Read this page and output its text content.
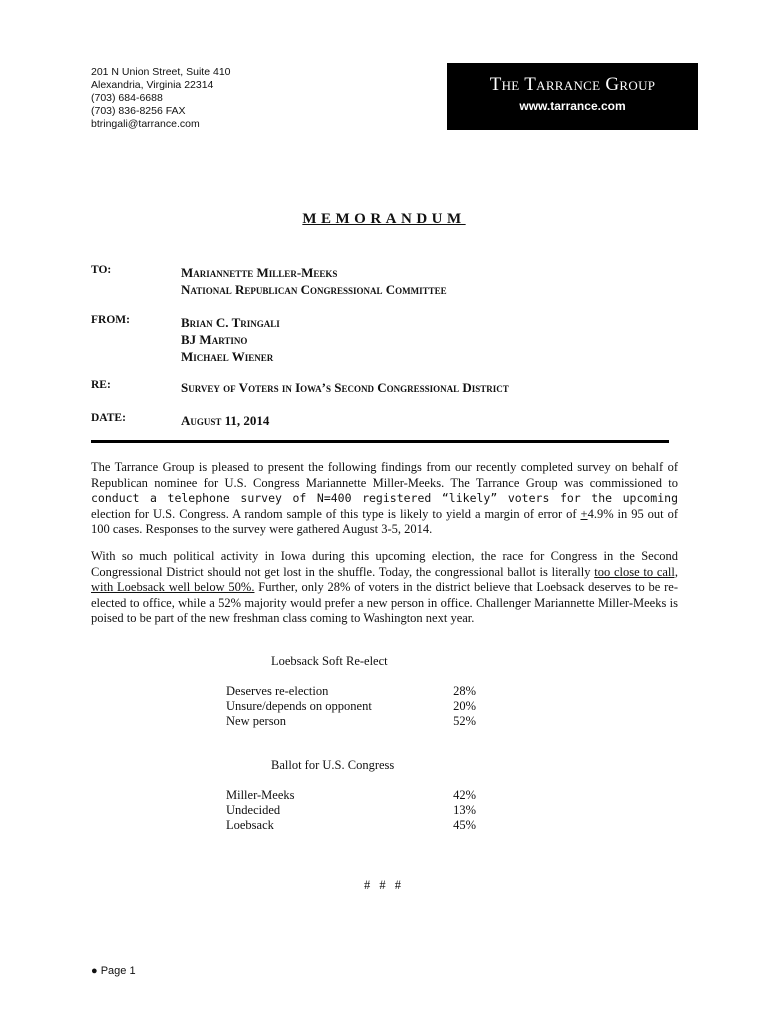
201 N Union Street, Suite 410
Alexandria, Virginia 22314
(703) 684-6688
(703) 836-8256 FAX
btringali@tarrance.com
The Tarrance Group
www.tarrance.com
MEMORANDUM
TO:	Mariannette Miller-Meeks
National Republican Congressional Committee
FROM:	Brian C. Tringali
BJ Martino
Michael Wiener
RE:	Survey of Voters in Iowa’s Second Congressional District
DATE:	August 11, 2014
The Tarrance Group is pleased to present the following findings from our recently completed survey on behalf of Republican nominee for U.S. Congress Mariannette Miller-Meeks. The Tarrance Group was commissioned to conduct a telephone survey of N=400 registered “likely” voters for the upcoming election for U.S. Congress. A random sample of this type is likely to yield a margin of error of +4.9% in 95 out of 100 cases. Responses to the survey were gathered August 3-5, 2014.
With so much political activity in Iowa during this upcoming election, the race for Congress in the Second Congressional District should not get lost in the shuffle. Today, the congressional ballot is literally too close to call, with Loebsack well below 50%. Further, only 28% of voters in the district believe that Loebsack deserves to be re-elected to office, while a 52% majority would prefer a new person in office. Challenger Mariannette Miller-Meeks is poised to be part of the new freshman class coming to Washington next year.
Loebsack Soft Re-elect
Deserves re-election	28%
Unsure/depends on opponent	20%
New person	52%
Ballot for U.S. Congress
Miller-Meeks	42%
Undecided	13%
Loebsack	45%
# # #
● Page 1
